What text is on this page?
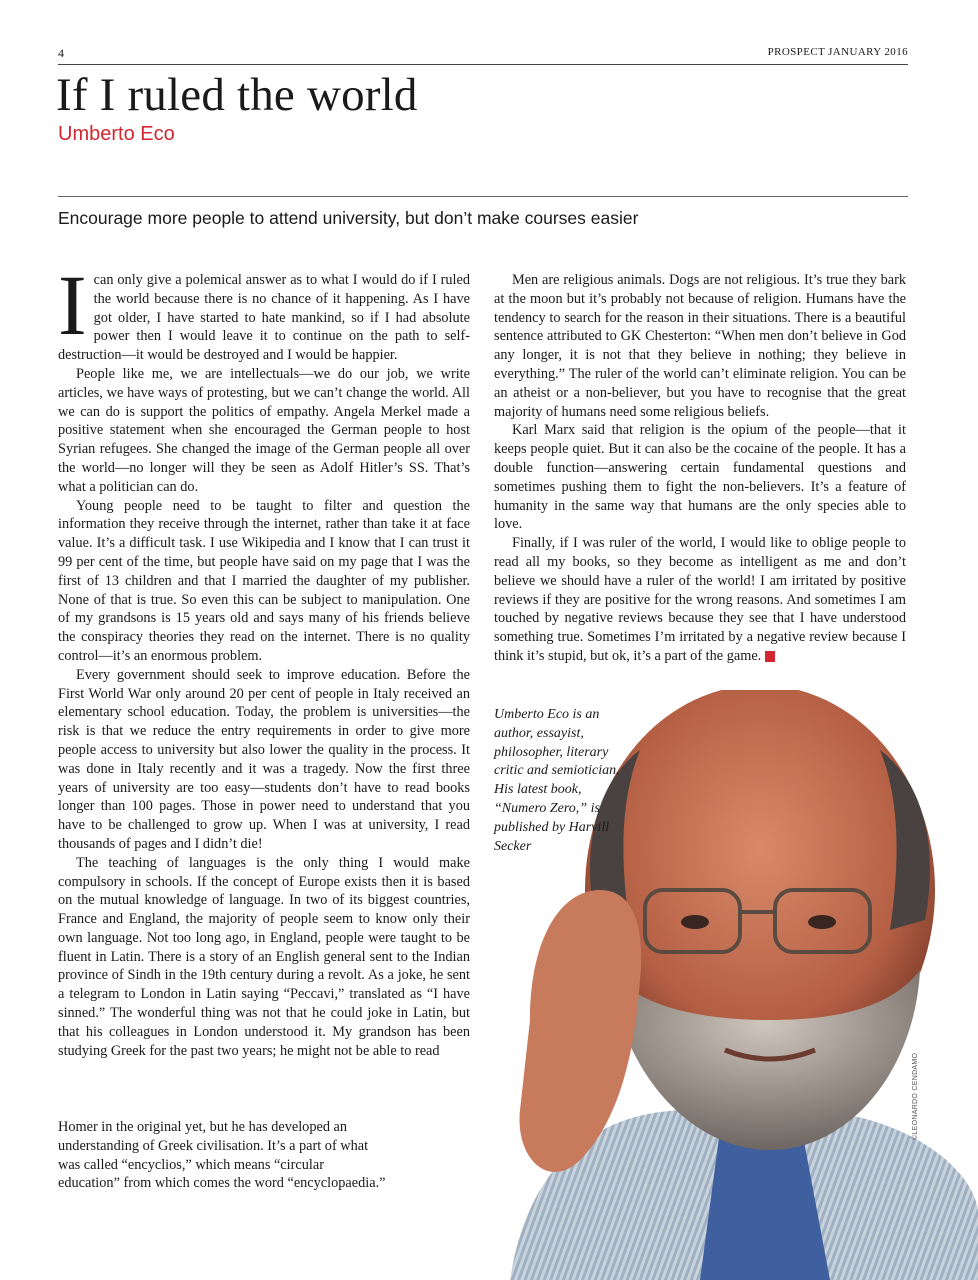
4	PROSPECT JANUARY 2016
If I ruled the world
Umberto Eco
Encourage more people to attend university, but don’t make courses easier
©LEONARDO CENDAMO

Ican only give a polemical answer as to what I would do if I ruled the world because there is no chance of it happening. As I have got older, I have started to hate mankind, so if I had absolute power then I would leave it to continue on the path to self-destruction—it would be destroyed and I would be happier.

People like me, we are intellectuals—we do our job, we write articles, we have ways of protesting, but we can’t change the world. All we can do is support the politics of empathy. Angela Merkel made a positive statement when she encouraged the German people to host Syrian refugees. She changed the image of the German people all over the world—no longer will they be seen as Adolf Hitler’s SS. That’s what a politician can do.

Young people need to be taught to filter and question the information they receive through the internet, rather than take it at face value. It’s a difficult task. I use Wikipedia and I know that I can trust it 99 per cent of the time, but people have said on my page that I was the first of 13 children and that I married the daughter of my publisher. None of that is true. So even this can be subject to manipulation. One of my grandsons is 15 years old and says many of his friends believe the conspiracy theories they read on the internet. There is no quality control—it’s an enormous problem.

Every government should seek to improve education. Before the First World War only around 20 per cent of people in Italy received an elementary school education. Today, the problem is universities—the risk is that we reduce the entry requirements in order to give more people access to university but also lower the quality in the process. It was done in Italy recently and it was a tragedy. Now the first three years of university are too easy—students don’t have to read books longer than 100 pages. Those in power need to understand that you have to be challenged to grow up. When I was at university, I read thousands of pages and I didn’t die!

The teaching of languages is the only thing I would make compulsory in schools. If the concept of Europe exists then it is based on the mutual knowledge of language. In two of its biggest countries, France and England, the majority of people seem to know only their own language. Not too long ago, in England, people were taught to be fluent in Latin. There is a story of an English general sent to the Indian province of Sindh in the 19th century during a revolt. As a joke, he sent a telegram to London in Latin saying “Peccavi,” translated as “I have sinned.” The wonderful thing was not that he could joke in Latin, but that his colleagues in London understood it. My grandson has been studying Greek for the past two years; he might not be able to read

Homer in the original yet, but he has developed an understanding of Greek civilisation. It’s a part of what was called “encyclios,” which means “circular education” from which comes the word “encyclopaedia.”

Men are religious animals. Dogs are not religious. It’s true they bark at the moon but it’s probably not because of religion. Humans have the tendency to search for the reason in their situations. There is a beautiful sentence attributed to GK Chesterton: “When men don’t believe in God any longer, it is not that they believe in nothing; they believe in everything.” The ruler of the world can’t eliminate religion. You can be an atheist or a non-believer, but you have to recognise that the great majority of humans need some religious beliefs.

Karl Marx said that religion is the opium of the people—that it keeps people quiet. But it can also be the cocaine of the people. It has a double function—answering certain fundamental questions and sometimes pushing them to fight the non-believers. It’s a feature of humanity in the same way that humans are the only species able to love.

Finally, if I was ruler of the world, I would like to oblige people to read all my books, so they become as intelligent as me and don’t believe we should have a ruler of the world! I am irritated by positive reviews if they are positive for the wrong reasons. And sometimes I am touched by negative reviews because they see that I have understood something true. Sometimes I’m irritated by a negative review because I think it’s stupid, but ok, it’s a part of the game. P

Umberto Eco is an author, essayist, philosopher, literary critic and semiotician. His latest book, “Numero Zero,” is published by Harvill Secker
